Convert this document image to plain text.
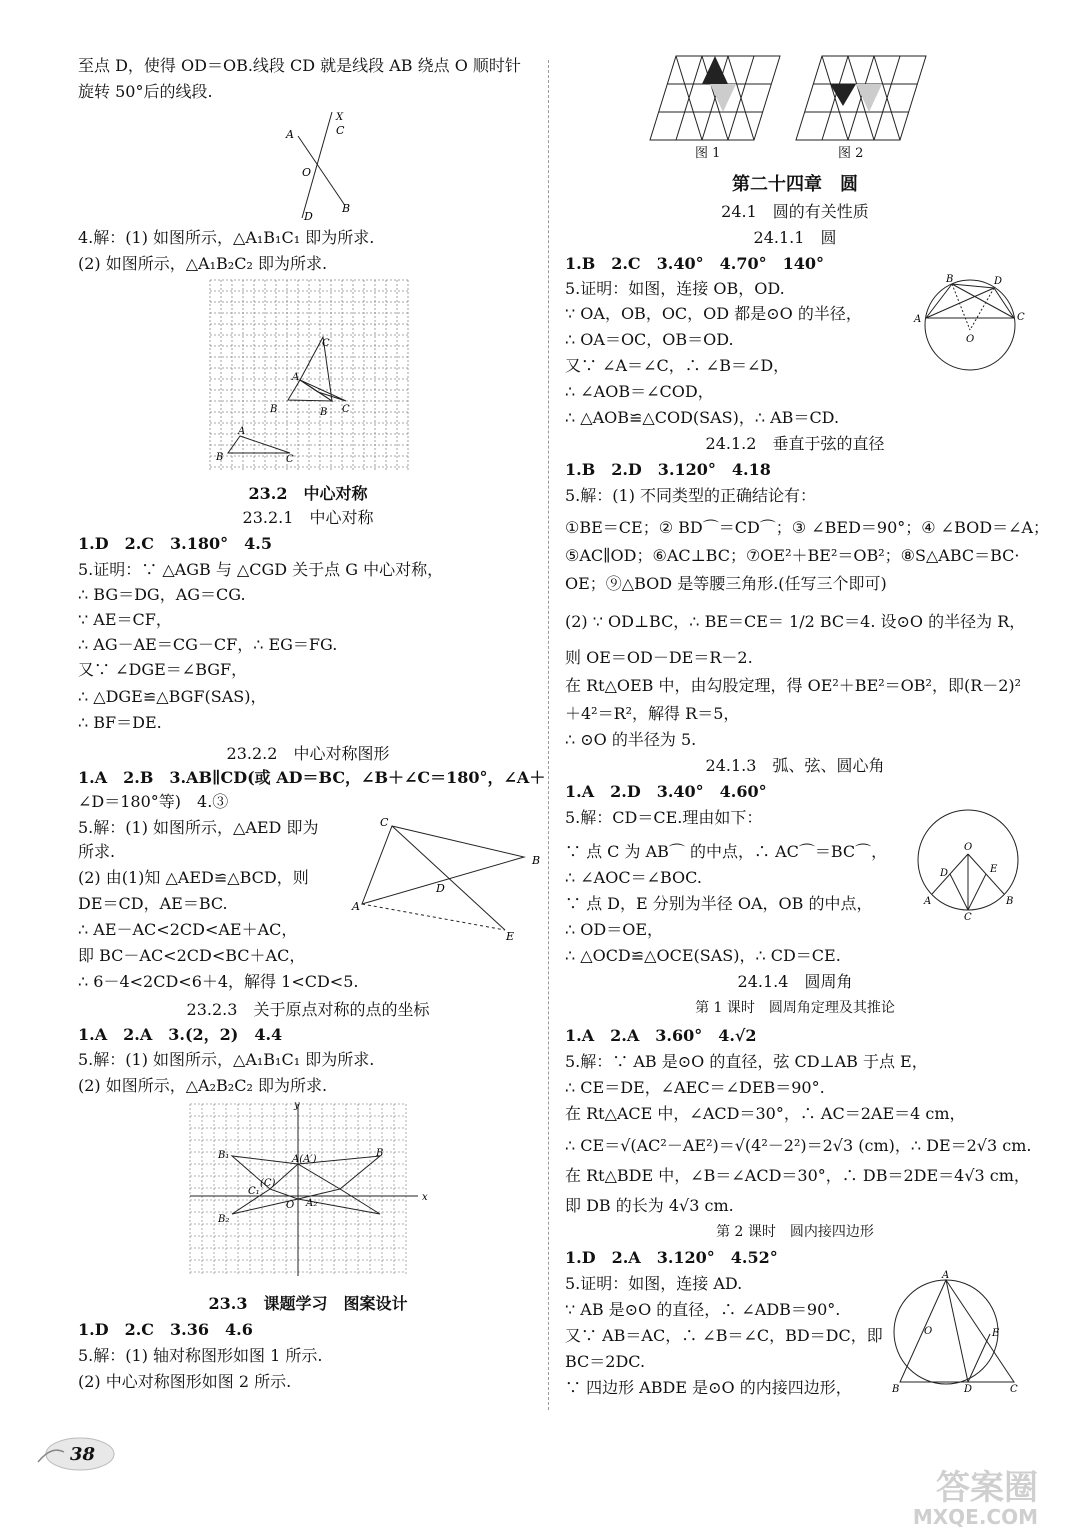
至点 D，使得 OD＝OB.线段 CD 就是线段 AB 绕点 O 顺时针
旋转 50°后的线段.
X
C
A
O
B
D
4.解：(1) 如图所示，△A₁B₁C₁ 即为所求.
(2) 如图所示，△A₁B₂C₂ 即为所求.
C
A
B	B C
A
B	C
23.2　中心对称
23.2.1　中心对称
1.D　2.C　3.180°　4.5
5.证明：∵ △AGB 与 △CGD 关于点 G 中心对称，
∴ BG＝DG，AG＝CG.
∵ AE＝CF，
∴ AG－AE＝CG－CF，∴ EG＝FG.
又∵ ∠DGE＝∠BGF，
∴ △DGE≌△BGF(SAS)，
∴ BF＝DE.
23.2.2　中心对称图形
1.A　2.B　3.AB∥CD(或 AD＝BC，∠B＋∠C＝180°，∠A＋
∠D＝180°等)　4.③
5.解：(1) 如图所示，△AED 即为
所求.
C
B
A
D
E
(2) 由(1)知 △AED≌△BCD，则
DE＝CD，AE＝BC.
∴ AE－AC<2CD<AE＋AC，
即 BC－AC<2CD<BC＋AC，
∴ 6－4<2CD<6＋4，解得 1<CD<5.
23.2.3　关于原点对称的点的坐标
1.A　2.A　3.(2，2)　4.4
5.解：(1) 如图所示，△A₁B₁C₁ 即为所求.
(2) 如图所示，△A₂B₂C₂ 即为所求.
B₁	B
A(A′)
C₁
(C)
O A₂
B₂
x
y
23.3　课题学习　图案设计
1.D　2.C　3.36　4.6
5.解：(1) 轴对称图形如图 1 所示.
(2) 中心对称图形如图 2 所示.
图 1	图 2
第二十四章　圆
24.1　圆的有关性质
24.1.1　圆
1.B　2.C　3.40°　4.70°　140°
5.证明：如图，连接 OB，OD.
∵ OA，OB，OC，OD 都是⊙O 的半径，
∴ OA＝OC，OB＝OD.
又∵ ∠A＝∠C，∴ ∠B＝∠D，
∴ ∠AOB＝∠COD，
∴ △AOB≌△COD(SAS)，∴ AB＝CD.
A	C
B	D
O
24.1.2　垂直于弦的直径
1.B　2.D　3.120°　4.18
5.解：(1) 不同类型的正确结论有：
①BE＝CE；② BD⌒＝CD⌒；③ ∠BED＝90°；④ ∠BOD＝∠A；
⑤AC∥OD；⑥AC⊥BC；⑦OE²＋BE²＝OB²；⑧S△ABC＝BC·
OE；⑨△BOD 是等腰三角形.(任写三个即可)
(2) ∵ OD⊥BC，∴ BE＝CE＝ 1/2 BC＝4. 设⊙O 的半径为 R，
则 OE＝OD－DE＝R－2.
在 Rt△OEB 中，由勾股定理，得 OE²＋BE²＝OB²，即(R－2)²
＋4²＝R²，解得 R＝5，
∴ ⊙O 的半径为 5.
24.1.3　弧、弦、圆心角
1.A　2.D　3.40°　4.60°
5.解：CD＝CE.理由如下：
O
D	E
A	B
C
∵ 点 C 为 AB⌒ 的中点，∴ AC⌒＝BC⌒，
∴ ∠AOC＝∠BOC.
∵ 点 D，E 分别为半径 OA，OB 的中点，
∴ OD＝OE，
∴ △OCD≌△OCE(SAS)，∴ CD＝CE.
24.1.4　圆周角
第 1 课时　圆周角定理及其推论
1.A　2.A　3.60°　4.√2
5.解：∵ AB 是⊙O 的直径，弦 CD⊥AB 于点 E，
∴ CE＝DE，∠AEC＝∠DEB＝90°.
在 Rt△ACE 中，∠ACD＝30°，∴ AC＝2AE＝4 cm，
∴ CE＝√(AC²－AE²)＝√(4²－2²)＝2√3 (cm)，∴ DE＝2√3 cm.
在 Rt△BDE 中，∠B＝∠ACD＝30°，∴ DB＝2DE＝4√3 cm，
即 DB 的长为 4√3 cm.
第 2 课时　圆内接四边形
1.D　2.A　3.120°　4.52°
5.证明：如图，连接 AD.
∵ AB 是⊙O 的直径，∴ ∠ADB＝90°.
又∵ AB＝AC，∴ ∠B＝∠C，BD＝DC，即
BC＝2DC.
∵ 四边形 ABDE 是⊙O 的内接四边形，
A
O	E
B	D	C
38
答案圈
MXQE.COM
